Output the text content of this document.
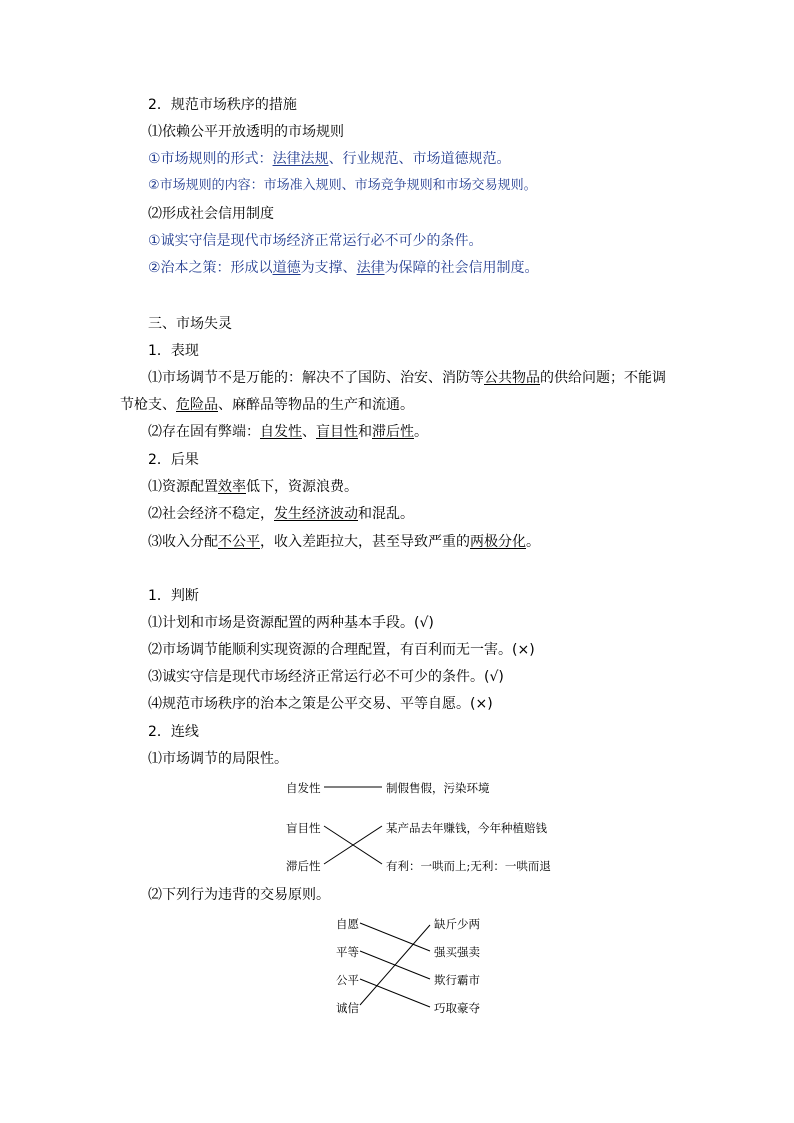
2．规范市场秩序的措施
⑴依赖公平开放透明的市场规则
①市场规则的形式：法律法规、行业规范、市场道德规范。
②市场规则的内容：市场准入规则、市场竞争规则和市场交易规则。
⑵形成社会信用制度
①诚实守信是现代市场经济正常运行必不可少的条件。
②治本之策：形成以道德为支撑、法律为保障的社会信用制度。
三、市场失灵
1．表现
⑴市场调节不是万能的：解决不了国防、治安、消防等公共物品的供给问题；不能调
节枪支、危险品、麻醉品等物品的生产和流通。
⑵存在固有弊端：自发性、盲目性和滞后性。
2．后果
⑴资源配置效率低下，资源浪费。
⑵社会经济不稳定，发生经济波动和混乱。
⑶收入分配不公平，收入差距拉大，甚至导致严重的两极分化。
1．判断
⑴计划和市场是资源配置的两种基本手段。(√)
⑵市场调节能顺利实现资源的合理配置，有百利而无一害。(×)
⑶诚实守信是现代市场经济正常运行必不可少的条件。(√)
⑷规范市场秩序的治本之策是公平交易、平等自愿。(×)
2．连线
⑴市场调节的局限性。
自发性
盲目性
滞后性
制假售假，污染环境
某产品去年赚钱，今年种植赔钱
有利：一哄而上;无利：一哄而退
⑵下列行为违背的交易原则。
自愿
平等
公平
诚信
缺斤少两
强买强卖
欺行霸市
巧取豪夺
